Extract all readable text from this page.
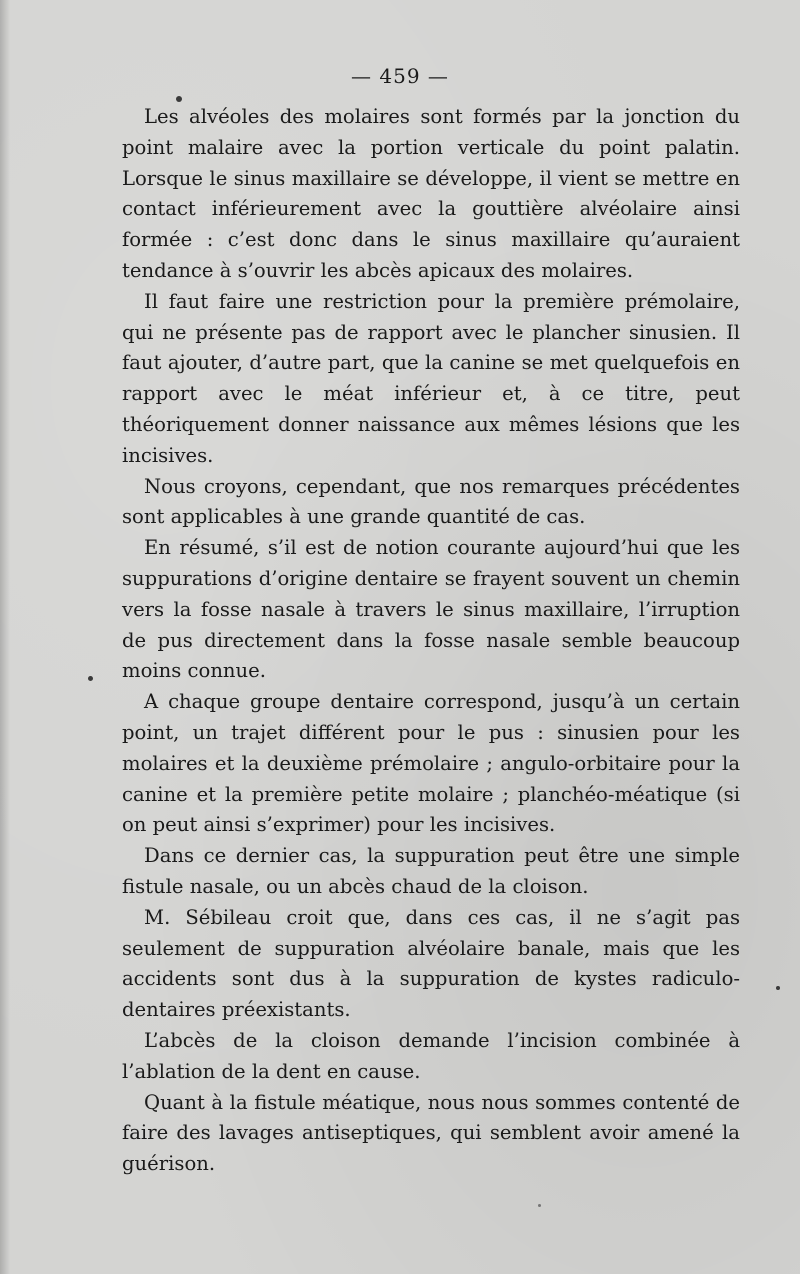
— 459 —

Les alvéoles des molaires sont formés par la jonction du point malaire avec la portion verticale du point palatin. Lorsque le sinus maxillaire se développe, il vient se mettre en contact inférieurement avec la gouttière alvéolaire ainsi formée : c’est donc dans le sinus maxillaire qu’auraient tendance à s’ouvrir les abcès apicaux des molaires.

Il faut faire une restriction pour la première prémolaire, qui ne présente pas de rapport avec le plancher sinusien. Il faut ajouter, d’autre part, que la canine se met quelquefois en rapport avec le méat inférieur et, à ce titre, peut théoriquement donner naissance aux mêmes lésions que les incisives.

Nous croyons, cependant, que nos remarques précédentes sont applicables à une grande quantité de cas.

En résumé, s’il est de notion courante aujourd’hui que les suppurations d’origine dentaire se frayent souvent un chemin vers la fosse nasale à travers le sinus maxillaire, l’irruption de pus directement dans la fosse nasale semble beaucoup moins connue.

A chaque groupe dentaire correspond, jusqu’à un certain point, un trajet différent pour le pus : sinusien pour les molaires et la deuxième prémolaire ; angulo-orbitaire pour la canine et la première petite molaire ; planchéo-méatique (si on peut ainsi s’exprimer) pour les incisives.

Dans ce dernier cas, la suppuration peut être une simple fistule nasale, ou un abcès chaud de la cloison.

M. Sébileau croit que, dans ces cas, il ne s’agit pas seulement de suppuration alvéolaire banale, mais que les accidents sont dus à la suppuration de kystes radiculo-dentaires préexistants.

L’abcès de la cloison demande l’incision combinée à l’ablation de la dent en cause.

Quant à la fistule méatique, nous nous sommes contenté de faire des lavages antiseptiques, qui semblent avoir amené la guérison.
